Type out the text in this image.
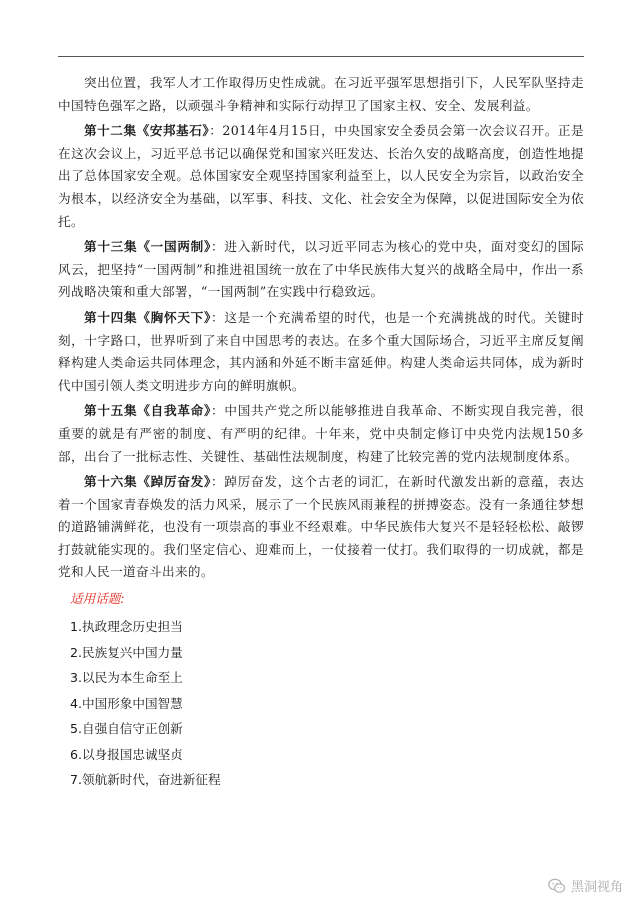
突出位置，我军人才工作取得历史性成就。在习近平强军思想指引下，人民军队坚持走中国特色强军之路，以顽强斗争精神和实际行动捍卫了国家主权、安全、发展利益。

第十二集《安邦基石》：2014年4月15日，中央国家安全委员会第一次会议召开。正是在这次会议上，习近平总书记以确保党和国家兴旺发达、长治久安的战略高度，创造性地提出了总体国家安全观。总体国家安全观坚持国家利益至上，以人民安全为宗旨，以政治安全为根本，以经济安全为基础，以军事、科技、文化、社会安全为保障，以促进国际安全为依托。

第十三集《一国两制》：进入新时代，以习近平同志为核心的党中央，面对变幻的国际风云，把坚持“一国两制”和推进祖国统一放在了中华民族伟大复兴的战略全局中，作出一系列战略决策和重大部署，“一国两制”在实践中行稳致远。

第十四集《胸怀天下》：这是一个充满希望的时代，也是一个充满挑战的时代。关键时刻，十字路口，世界听到了来自中国思考的表达。在多个重大国际场合，习近平主席反复阐释构建人类命运共同体理念，其内涵和外延不断丰富延伸。构建人类命运共同体，成为新时代中国引领人类文明进步方向的鲜明旗帜。

第十五集《自我革命》：中国共产党之所以能够推进自我革命、不断实现自我完善，很重要的就是有严密的制度、有严明的纪律。十年来，党中央制定修订中央党内法规150多部，出台了一批标志性、关键性、基础性法规制度，构建了比较完善的党内法规制度体系。

第十六集《踔厉奋发》：踔厉奋发，这个古老的词汇，在新时代激发出新的意蕴，表达着一个国家青春焕发的活力风采，展示了一个民族风雨兼程的拼搏姿态。没有一条通往梦想的道路铺满鲜花，也没有一项崇高的事业不经艰难。中华民族伟大复兴不是轻轻松松、敲锣打鼓就能实现的。我们坚定信心、迎难而上，一仗接着一仗打。我们取得的一切成就，都是党和人民一道奋斗出来的。

适用话题:
1.执政理念历史担当
2.民族复兴中国力量
3.以民为本生命至上
4.中国形象中国智慧
5.自强自信守正创新
6.以身报国忠诚坚贞
7.领航新时代，奋进新征程
黑洞视角
